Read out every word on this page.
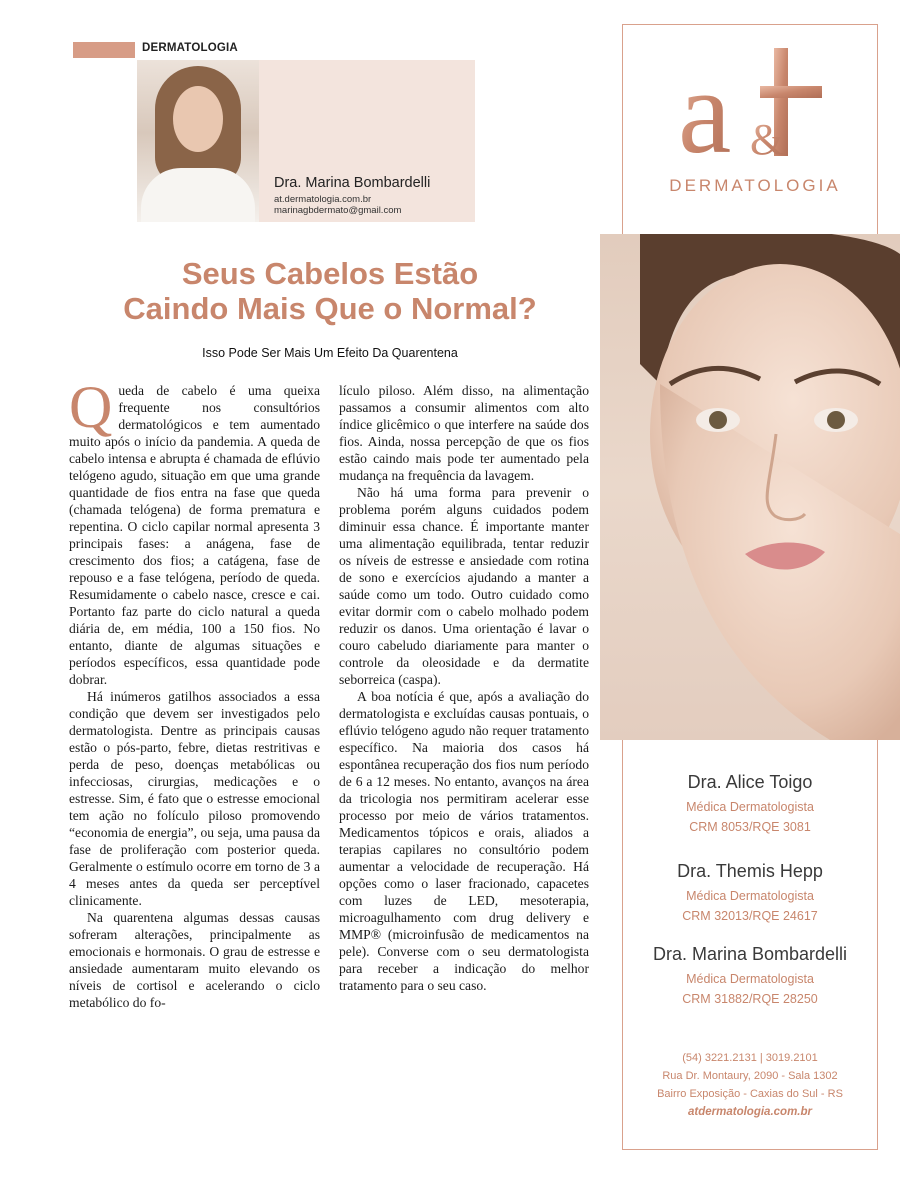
DERMATOLOGIA
Dra. Marina Bombardelli
at.dermatologia.com.br
marinagbdermato@gmail.com
Seus Cabelos Estão
Caindo Mais Que o Normal?
Isso Pode Ser Mais Um Efeito Da Quarentena

Queda de cabelo é uma queixa frequente nos consultórios dermatológicos e tem aumentado muito após o início da pandemia. A queda de cabelo intensa e abrupta é chamada de eflúvio telógeno agudo, situação em que uma grande quantidade de fios entra na fase que queda (chamada telógena) de forma prematura e repentina. O ciclo capilar normal apresenta 3 principais fases: a anágena, fase de crescimento dos fios; a catágena, fase de repouso e a fase telógena, período de queda. Resumidamente o cabelo nasce, cresce e cai. Portanto faz parte do ciclo natural a queda diária de, em média, 100 a 150 fios. No entanto, diante de algumas situações e períodos específicos, essa quantidade pode dobrar.

Há inúmeros gatilhos associados a essa condição que devem ser investigados pelo dermatologista. Dentre as principais causas estão o pós-parto, febre, dietas restritivas e perda de peso, doenças metabólicas ou infecciosas, cirurgias, medicações e o estresse. Sim, é fato que o estresse emocional tem ação no folículo piloso promovendo “economia de energia”, ou seja, uma pausa da fase de proliferação com posterior queda. Geralmente o estímulo ocorre em torno de 3 a 4 meses antes da queda ser perceptível clinicamente.

Na quarentena algumas dessas causas sofreram alterações, principalmente as emocionais e hormonais. O grau de estresse e ansiedade aumentaram muito elevando os níveis de cortisol e acelerando o ciclo metabólico do fo-

lículo piloso. Além disso, na alimentação passamos a consumir alimentos com alto índice glicêmico o que interfere na saúde dos fios. Ainda, nossa percepção de que os fios estão caindo mais pode ter aumentado pela mudança na frequência da lavagem.

Não há uma forma para prevenir o problema porém alguns cuidados podem diminuir essa chance. É importante manter uma alimentação equilibrada, tentar reduzir os níveis de estresse e ansiedade com rotina de sono e exercícios ajudando a manter a saúde como um todo. Outro cuidado como evitar dormir com o cabelo molhado podem reduzir os danos. Uma orientação é lavar o couro cabeludo diariamente para manter o controle da oleosidade e da dermatite seborreica (caspa).

A boa notícia é que, após a avaliação do dermatologista e excluídas causas pontuais, o eflúvio telógeno agudo não requer tratamento específico. Na maioria dos casos há espontânea recuperação dos fios num período de 6 a 12 meses. No entanto, avanços na área da tricologia nos permitiram acelerar esse processo por meio de vários tratamentos. Medicamentos tópicos e orais, aliados a terapias capilares no consultório podem aumentar a velocidade de recuperação. Há opções como o laser fracionado, capacetes com luzes de LED, mesoterapia, microagulhamento com drug delivery e MMP® (microinfusão de medicamentos na pele). Converse com o seu dermatologista para receber a indicação do melhor tratamento para o seu caso.

a &
DERMATOLOGIA
Dra. Alice Toigo
Médica Dermatologista
CRM 8053/RQE 3081
Dra. Themis Hepp
Médica Dermatologista
CRM 32013/RQE 24617
Dra. Marina Bombardelli
Médica Dermatologista
CRM 31882/RQE 28250
(54) 3221.2131 | 3019.2101
Rua Dr. Montaury, 2090 - Sala 1302
Bairro Exposição - Caxias do Sul - RS
atdermatologia.com.br
